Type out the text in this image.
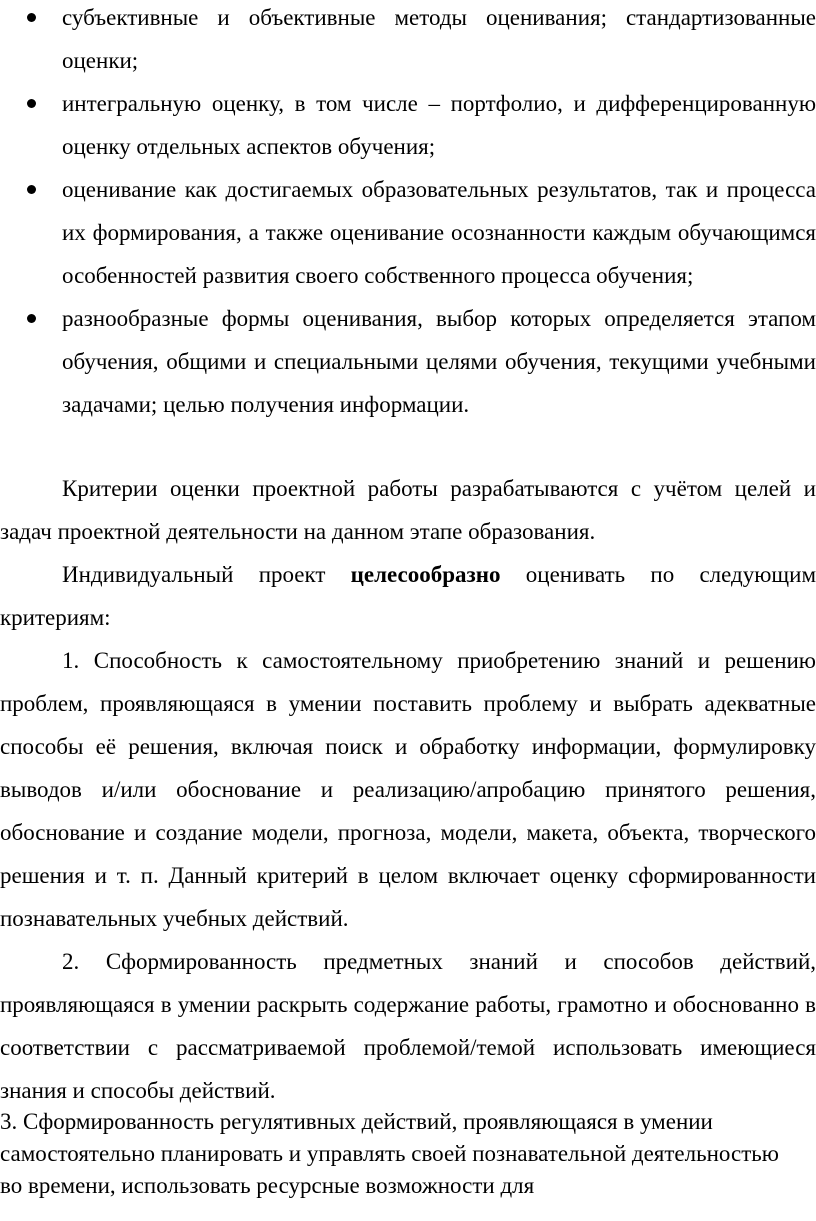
субъективные и объективные методы оценивания; стандартизованные оценки;
интегральную оценку, в том числе – портфолио, и дифференцированную оценку отдельных аспектов обучения;
оценивание как достигаемых образовательных результатов, так и процесса их формирования, а также оценивание осознанности каждым обучающимся особенностей развития своего собственного процесса обучения;
разнообразные формы оценивания, выбор которых определяется этапом обучения, общими и специальными целями обучения, текущими учебными задачами; целью получения информации.

Критерии оценки проектной работы разрабатываются с учётом целей и задач проектной деятельности на данном этапе образования.

Индивидуальный проект целесообразно оценивать по следующим критериям:

1. Способность к самостоятельному приобретению знаний и решению проблем, проявляющаяся в умении поставить проблему и выбрать адекватные способы её решения, включая поиск и обработку информации, формулировку выводов и/или обоснование и реализацию/апробацию принятого решения, обоснование и создание модели, прогноза, модели, макета, объекта, творческого решения и т. п. Данный критерий в целом включает оценку сформированности познавательных учебных действий.

2. Сформированность предметных знаний и способов действий, проявляющаяся в умении раскрыть содержание работы, грамотно и обоснованно в соответствии с рассматриваемой проблемой/темой использовать имеющиеся знания и способы действий.

3. Сформированность регулятивных действий, проявляющаяся в умении самостоятельно планировать и управлять своей познавательной деятельностью во времени, использовать ресурсные возможности для
